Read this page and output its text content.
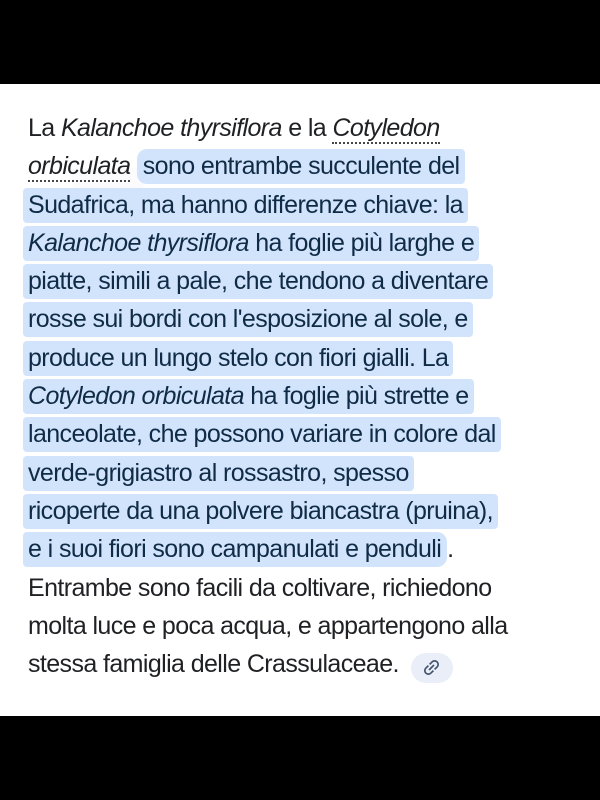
La Kalanchoe thyrsiflora e la Cotyledon
orbiculata sono entrambe succulente del
Sudafrica, ma hanno differenze chiave: la
Kalanchoe thyrsiflora ha foglie più larghe e
piatte, simili a pale, che tendono a diventare
rosse sui bordi con l'esposizione al sole, e
produce un lungo stelo con fiori gialli. La
Cotyledon orbiculata ha foglie più strette e
lanceolate, che possono variare in colore dal
verde-grigiastro al rossastro, spesso
ricoperte da una polvere biancastra (pruina),
e i suoi fiori sono campanulati e penduli .
Entrambe sono facili da coltivare, richiedono
molta luce e poca acqua, e appartengono alla
stessa famiglia delle Crassulaceae.
